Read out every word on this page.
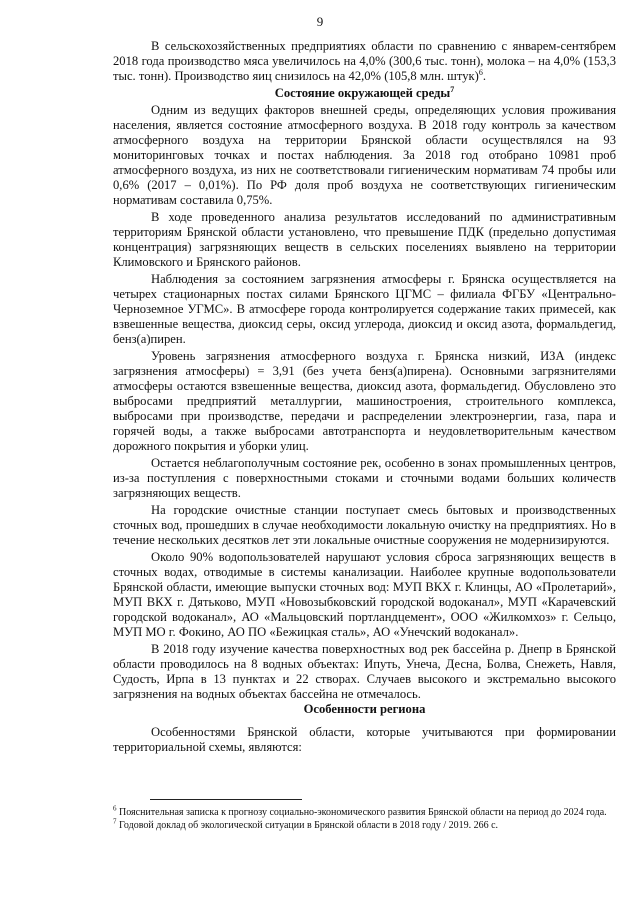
9

В сельскохозяйственных предприятиях области по сравнению с январем-сентябрем 2018 года производство мяса увеличилось на 4,0% (300,6 тыс. тонн), молока – на 4,0% (153,3 тыс. тонн). Производство яиц снизилось на 42,0% (105,8 млн. штук)$^6$.

Состояние окружающей среды$^7$

Одним из ведущих факторов внешней среды, определяющих условия проживания населения, является состояние атмосферного воздуха. В 2018 году контроль за качеством атмосферного воздуха на территории Брянской области осуществлялся на 93 мониторинговых точках и постах наблюдения. За 2018 год отобрано 10981 проб атмосферного воздуха, из них не соответствовали гигиеническим нормативам 74 пробы или 0,6% (2017 – 0,01%). По РФ доля проб воздуха не соответствующих гигиеническим нормативам составила 0,75%.

В ходе проведенного анализа результатов исследований по административным территориям Брянской области установлено, что превышение ПДК (предельно допустимая концентрация) загрязняющих веществ в сельских поселениях выявлено на территории Климовского и Брянского районов.

Наблюдения за состоянием загрязнения атмосферы г. Брянска осуществляется на четырех стационарных постах силами Брянского ЦГМС – филиала ФГБУ «Центрально-Черноземное УГМС». В атмосфере города контролируется содержание таких примесей, как взвешенные вещества, диоксид серы, оксид углерода, диоксид и оксид азота, формальдегид, бенз(а)пирен.

Уровень загрязнения атмосферного воздуха г. Брянска низкий, ИЗА (индекс загрязнения атмосферы) = 3,91 (без учета бенз(а)пирена). Основными загрязнителями атмосферы остаются взвешенные вещества, диоксид азота, формальдегид. Обусловлено это выбросами предприятий металлургии, машиностроения, строительного комплекса, выбросами при производстве, передачи и распределении электроэнергии, газа, пара и горячей воды, а также выбросами автотранспорта и неудовлетворительным качеством дорожного покрытия и уборки улиц.

Остается неблагополучным состояние рек, особенно в зонах промышленных центров, из-за поступления с поверхностными стоками и сточными водами больших количеств загрязняющих веществ.

На городские очистные станции поступает смесь бытовых и производственных сточных вод, прошедших в случае необходимости локальную очистку на предприятиях. Но в течение нескольких десятков лет эти локальные очистные сооружения не модернизируются.

Около 90% водопользователей нарушают условия сброса загрязняющих веществ в сточных водах, отводимые в системы канализации. Наиболее крупные водопользователи Брянской области, имеющие выпуски сточных вод: МУП ВКХ г. Клинцы, АО «Пролетарий», МУП ВКХ г. Дятьково, МУП «Новозыбковский городской водоканал», МУП «Карачевский городской водоканал», АО «Мальцовский портландцемент», ООО «Жилкомхоз» г. Сельцо, МУП МО г. Фокино, АО ПО «Бежицкая сталь», АО «Унечский водоканал».

В 2018 году изучение качества поверхностных вод рек бассейна р. Днепр в Брянской области проводилось на 8 водных объектах: Ипуть, Унеча, Десна, Болва, Снежеть, Навля, Судость, Ирпа в 13 пунктах и 22 створах. Случаев высокого и экстремально высокого загрязнения на водных объектах бассейна не отмечалось.

Особенности региона

Особенностями Брянской области, которые учитываются при формировании территориальной схемы, являются:

$^6$ Пояснительная записка к прогнозу социально-экономического развития Брянской области на период до 2024 года.

$^7$ Годовой доклад об экологической ситуации в Брянской области в 2018 году / 2019. 266 с.
